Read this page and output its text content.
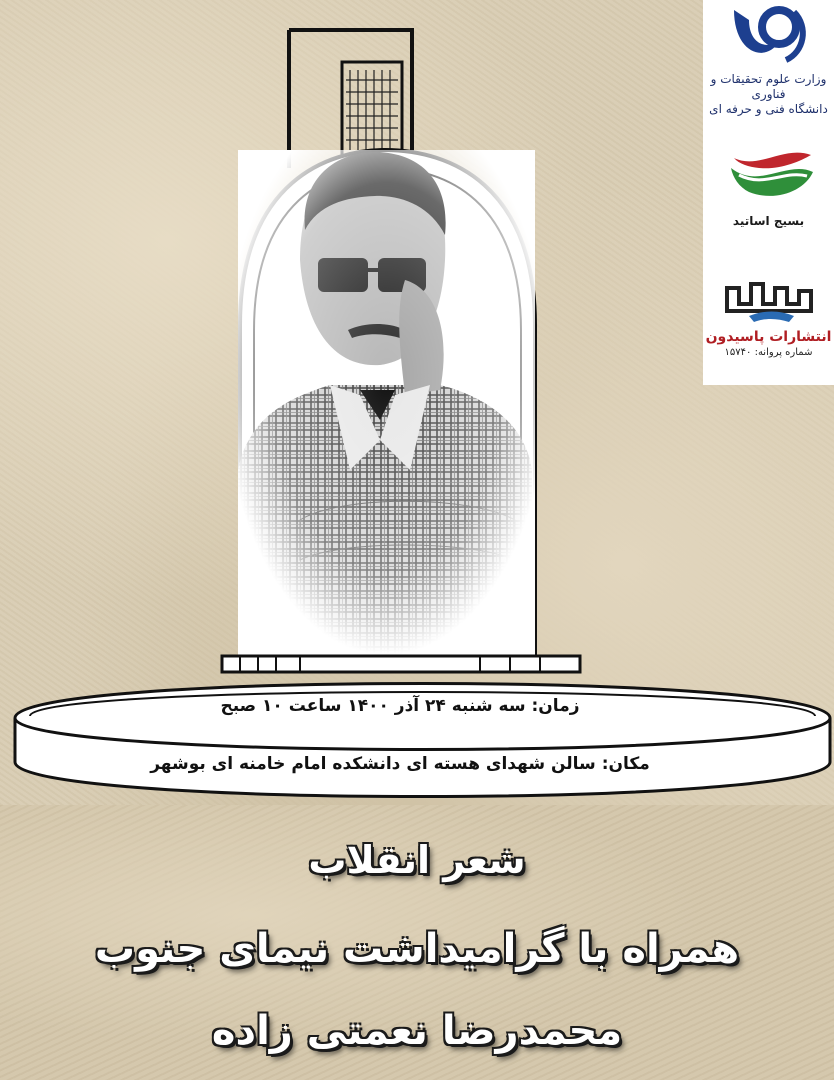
وزارت علوم تحقیقات و فناوری
دانشگاه فنی و حرفه ای
بسیج اساتید
انتشارات پاسیدون
شماره پروانه: ۱۵۷۴۰
زمان: سه شنبه ۲۴ آذر ۱۴۰۰ ساعت ۱۰ صبح
مکان: سالن شهدای هسته ای دانشکده امام خامنه ای بوشهر
شعر انقلاب
همراه با گرامیداشت نیمای جنوب
محمدرضا نعمتی زاده
